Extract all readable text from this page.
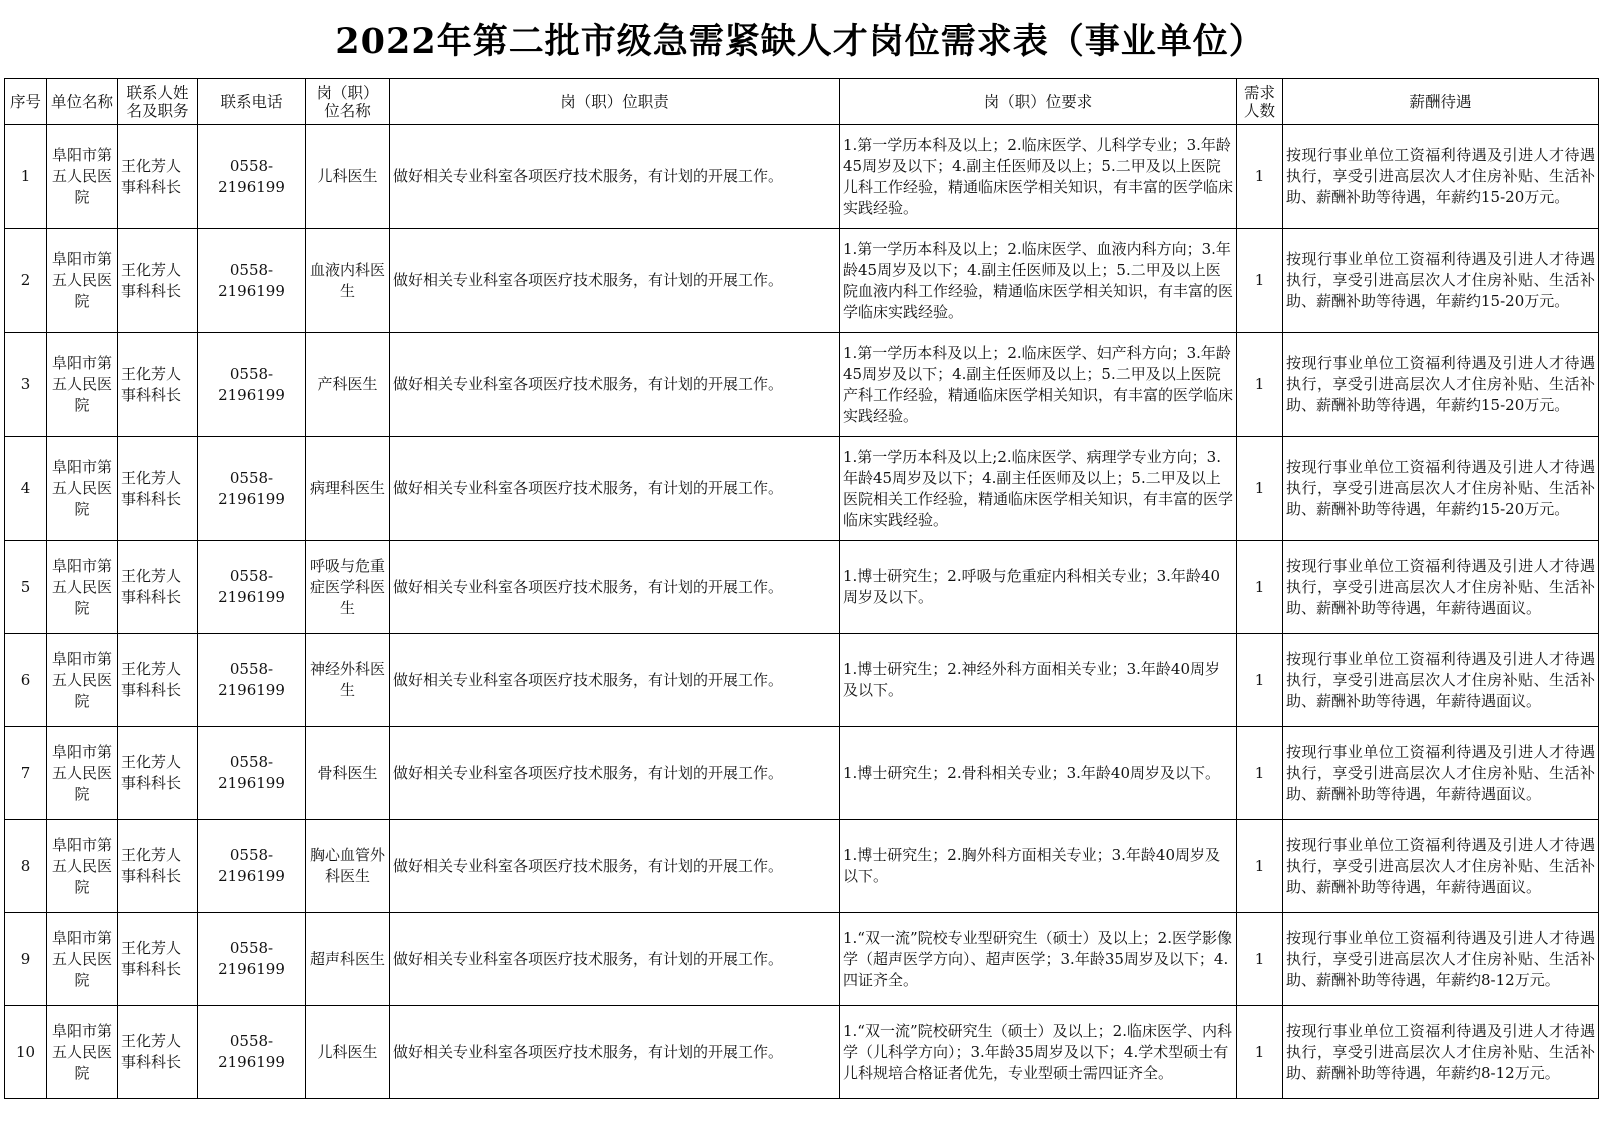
2022年第二批市级急需紧缺人才岗位需求表（事业单位）
序号	单位名称	联系人姓名及职务	联系电话	岗（职）位名称	岗（职）位职责	岗（职）位要求	需求人数	薪酬待遇
1	阜阳市第五人民医院	王化芳人事科科长	0558-2196199	儿科医生	做好相关专业科室各项医疗技术服务，有计划的开展工作。	1.第一学历本科及以上；2.临床医学、儿科学专业；3.年龄45周岁及以下；4.副主任医师及以上；5.二甲及以上医院儿科工作经验，精通临床医学相关知识，有丰富的医学临床实践经验。	1	按现行事业单位工资福利待遇及引进人才待遇执行，享受引进高层次人才住房补贴、生活补助、薪酬补助等待遇，年薪约15-20万元。
2	阜阳市第五人民医院	王化芳人事科科长	0558-2196199	血液内科医生	做好相关专业科室各项医疗技术服务，有计划的开展工作。	1.第一学历本科及以上；2.临床医学、血液内科方向；3.年龄45周岁及以下；4.副主任医师及以上；5.二甲及以上医院血液内科工作经验，精通临床医学相关知识，有丰富的医学临床实践经验。	1	按现行事业单位工资福利待遇及引进人才待遇执行，享受引进高层次人才住房补贴、生活补助、薪酬补助等待遇，年薪约15-20万元。
3	阜阳市第五人民医院	王化芳人事科科长	0558-2196199	产科医生	做好相关专业科室各项医疗技术服务，有计划的开展工作。	1.第一学历本科及以上；2.临床医学、妇产科方向；3.年龄45周岁及以下；4.副主任医师及以上；5.二甲及以上医院产科工作经验，精通临床医学相关知识，有丰富的医学临床实践经验。	1	按现行事业单位工资福利待遇及引进人才待遇执行，享受引进高层次人才住房补贴、生活补助、薪酬补助等待遇，年薪约15-20万元。
4	阜阳市第五人民医院	王化芳人事科科长	0558-2196199	病理科医生	做好相关专业科室各项医疗技术服务，有计划的开展工作。	1.第一学历本科及以上;2.临床医学、病理学专业方向；3.年龄45周岁及以下；4.副主任医师及以上；5.二甲及以上医院相关工作经验，精通临床医学相关知识，有丰富的医学临床实践经验。	1	按现行事业单位工资福利待遇及引进人才待遇执行，享受引进高层次人才住房补贴、生活补助、薪酬补助等待遇，年薪约15-20万元。
5	阜阳市第五人民医院	王化芳人事科科长	0558-2196199	呼吸与危重症医学科医生	做好相关专业科室各项医疗技术服务，有计划的开展工作。	1.博士研究生；2.呼吸与危重症内科相关专业；3.年龄40周岁及以下。	1	按现行事业单位工资福利待遇及引进人才待遇执行，享受引进高层次人才住房补贴、生活补助、薪酬补助等待遇，年薪待遇面议。
6	阜阳市第五人民医院	王化芳人事科科长	0558-2196199	神经外科医生	做好相关专业科室各项医疗技术服务，有计划的开展工作。	1.博士研究生；2.神经外科方面相关专业；3.年龄40周岁及以下。	1	按现行事业单位工资福利待遇及引进人才待遇执行，享受引进高层次人才住房补贴、生活补助、薪酬补助等待遇，年薪待遇面议。
7	阜阳市第五人民医院	王化芳人事科科长	0558-2196199	骨科医生	做好相关专业科室各项医疗技术服务，有计划的开展工作。	1.博士研究生；2.骨科相关专业；3.年龄40周岁及以下。	1	按现行事业单位工资福利待遇及引进人才待遇执行，享受引进高层次人才住房补贴、生活补助、薪酬补助等待遇，年薪待遇面议。
8	阜阳市第五人民医院	王化芳人事科科长	0558-2196199	胸心血管外科医生	做好相关专业科室各项医疗技术服务，有计划的开展工作。	1.博士研究生；2.胸外科方面相关专业；3.年龄40周岁及以下。	1	按现行事业单位工资福利待遇及引进人才待遇执行，享受引进高层次人才住房补贴、生活补助、薪酬补助等待遇，年薪待遇面议。
9	阜阳市第五人民医院	王化芳人事科科长	0558-2196199	超声科医生	做好相关专业科室各项医疗技术服务，有计划的开展工作。	1.“双一流”院校专业型研究生（硕士）及以上；2.医学影像学（超声医学方向）、超声医学；3.年龄35周岁及以下；4.四证齐全。	1	按现行事业单位工资福利待遇及引进人才待遇执行，享受引进高层次人才住房补贴、生活补助、薪酬补助等待遇，年薪约8-12万元。
10	阜阳市第五人民医院	王化芳人事科科长	0558-2196199	儿科医生	做好相关专业科室各项医疗技术服务，有计划的开展工作。	1.“双一流”院校研究生（硕士）及以上；2.临床医学、内科学（儿科学方向）；3.年龄35周岁及以下；4.学术型硕士有儿科规培合格证者优先，专业型硕士需四证齐全。	1	按现行事业单位工资福利待遇及引进人才待遇执行，享受引进高层次人才住房补贴、生活补助、薪酬补助等待遇，年薪约8-12万元。
